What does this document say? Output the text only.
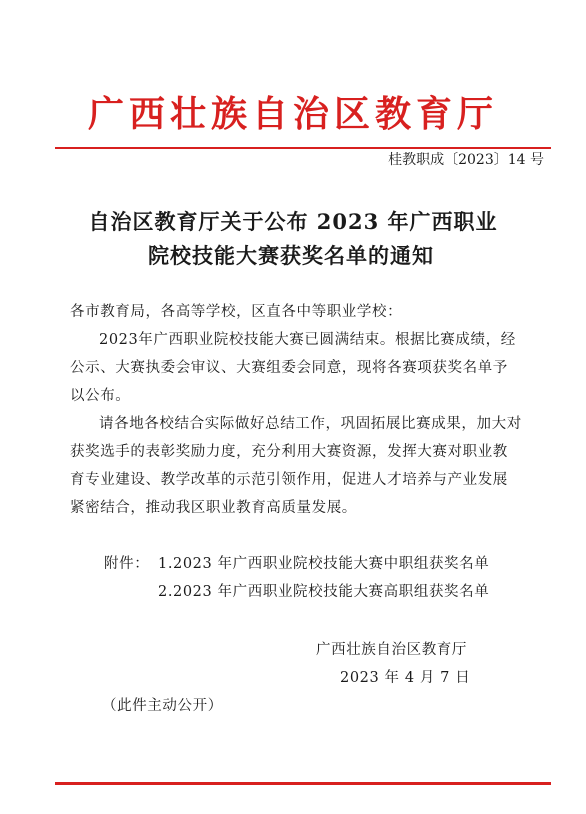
广西壮族自治区教育厅
桂教职成〔2023〕14 号
自治区教育厅关于公布 2023 年广西职业
院校技能大赛获奖名单的通知
各市教育局，各高等学校，区直各中等职业学校：
2023年广西职业院校技能大赛已圆满结束。根据比赛成绩，经公示、大赛执委会审议、大赛组委会同意，现将各赛项获奖名单予以公布。
请各地各校结合实际做好总结工作，巩固拓展比赛成果，加大对获奖选手的表彰奖励力度，充分利用大赛资源，发挥大赛对职业教育专业建设、教学改革的示范引领作用，促进人才培养与产业发展紧密结合，推动我区职业教育高质量发展。
附件： 1.2023 年广西职业院校技能大赛中职组获奖名单
2.2023 年广西职业院校技能大赛高职组获奖名单
广西壮族自治区教育厅
2023 年 4 月 7 日
（此件主动公开）
